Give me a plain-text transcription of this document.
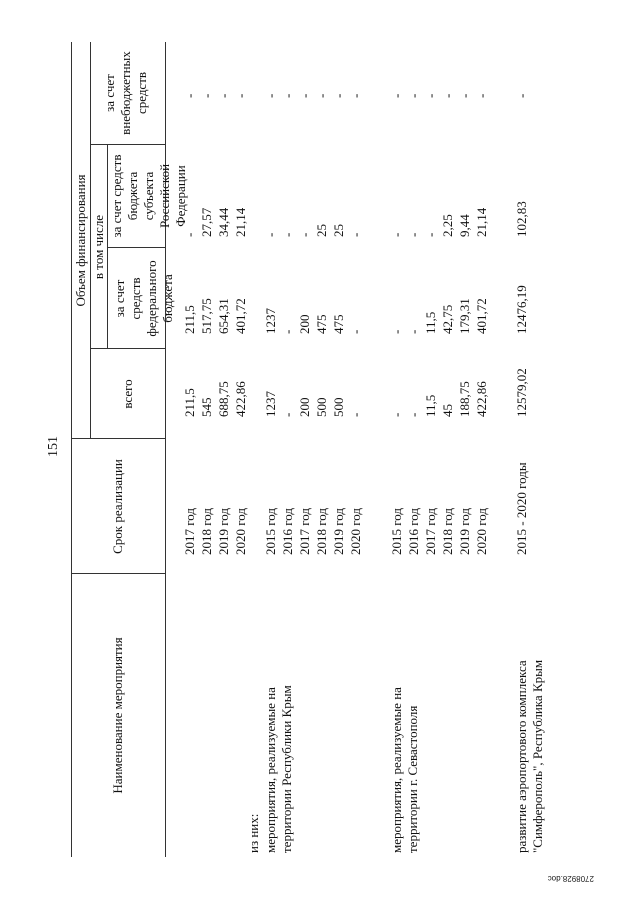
151
Наименование мероприятия
Срок реализации
Объем финансирования
всего
в том числе
за счет средств федерального бюджета
за счет средств бюджета субъекта Российской Федерации
за счет внебюджетных средств
из них: мероприятия, реализуемые на территории Республики Крым	мероприятия, реализуемые на территории г. Севастополя	развитие аэропортового комплекса "Симферополь", Республика Крым
2017 год
211,5
211,5
-
-
2018 год
545
517,75
27,57
-
2019 год
688,75
654,31
34,44
-
2020 год
422,86
401,72
21,14
-
2015 год
1237
1237
-
-
2016 год
-
-
-
-
2017 год
200
200
-
-
2018 год
500
475
25
-
2019 год
500
475
25
-
2020 год
-
-
-
-
2015 год
-
-
-
-
2016 год
-
-
-
-
2017 год
11,5
11,5
-
-
2018 год
45
42,75
2,25
-
2019 год
188,75
179,31
9,44
-
2020 год
422,86
401,72
21,14
-
2015 - 2020 годы
12579,02
12476,19
102,83
-
2708928.doc
